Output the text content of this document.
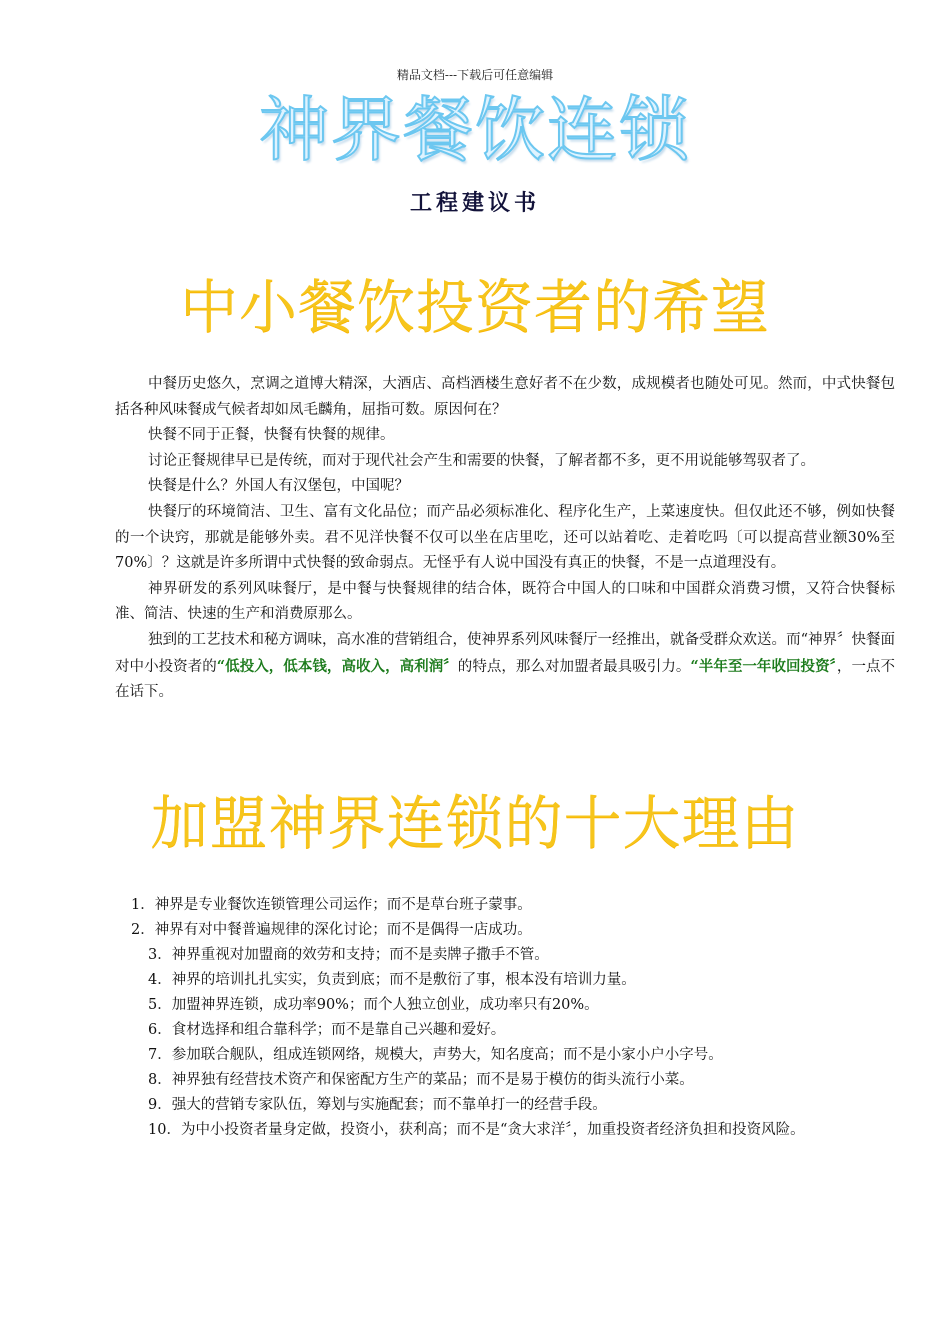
精品文档---下载后可任意编辑
神界餐饮连锁
工程建议书
中小餐饮投资者的希望

中餐历史悠久，烹调之道博大精深，大酒店、高档酒楼生意好者不在少数，成规模者也随处可见。然而，中式快餐包括各种风味餐成气候者却如凤毛麟角，屈指可数。原因何在？

快餐不同于正餐，快餐有快餐的规律。

讨论正餐规律早已是传统，而对于现代社会产生和需要的快餐，了解者都不多，更不用说能够驾驭者了。

快餐是什么？外国人有汉堡包，中国呢？

快餐厅的环境简洁、卫生、富有文化品位；而产品必须标准化、程序化生产，上菜速度快。但仅此还不够，例如快餐的一个诀窍，那就是能够外卖。君不见洋快餐不仅可以坐在店里吃，还可以站着吃、走着吃吗〔可以提高营业额30%至70%〕？这就是许多所谓中式快餐的致命弱点。无怪乎有人说中国没有真正的快餐，不是一点道理没有。

神界研发的系列风味餐厅，是中餐与快餐规律的结合体，既符合中国人的口味和中国群众消费习惯，又符合快餐标准、简洁、快速的生产和消费原那么。

独到的工艺技术和秘方调味，高水准的营销组合，使神界系列风味餐厅一经推出，就备受群众欢送。而“神界〞快餐面对中小投资者的“低投入，低本钱，高收入，高利润〞的特点，那么对加盟者最具吸引力。“半年至一年收回投资〞，一点不在话下。

加盟神界连锁的十大理由
1．神界是专业餐饮连锁管理公司运作；而不是草台班子蒙事。
2．神界有对中餐普遍规律的深化讨论；而不是偶得一店成功。
3．神界重视对加盟商的效劳和支持；而不是卖牌子撒手不管。
4．神界的培训扎扎实实，负责到底；而不是敷衍了事，根本没有培训力量。
5．加盟神界连锁，成功率90%；而个人独立创业，成功率只有20%。
6．食材选择和组合靠科学；而不是靠自己兴趣和爱好。
7．参加联合舰队，组成连锁网络，规模大，声势大，知名度高；而不是小家小户小字号。
8．神界独有经营技术资产和保密配方生产的菜品；而不是易于模仿的街头流行小菜。
9．强大的营销专家队伍，筹划与实施配套；而不靠单打一的经营手段。
10．为中小投资者量身定做，投资小，获利高；而不是“贪大求洋〞，加重投资者经济负担和投资风险。
